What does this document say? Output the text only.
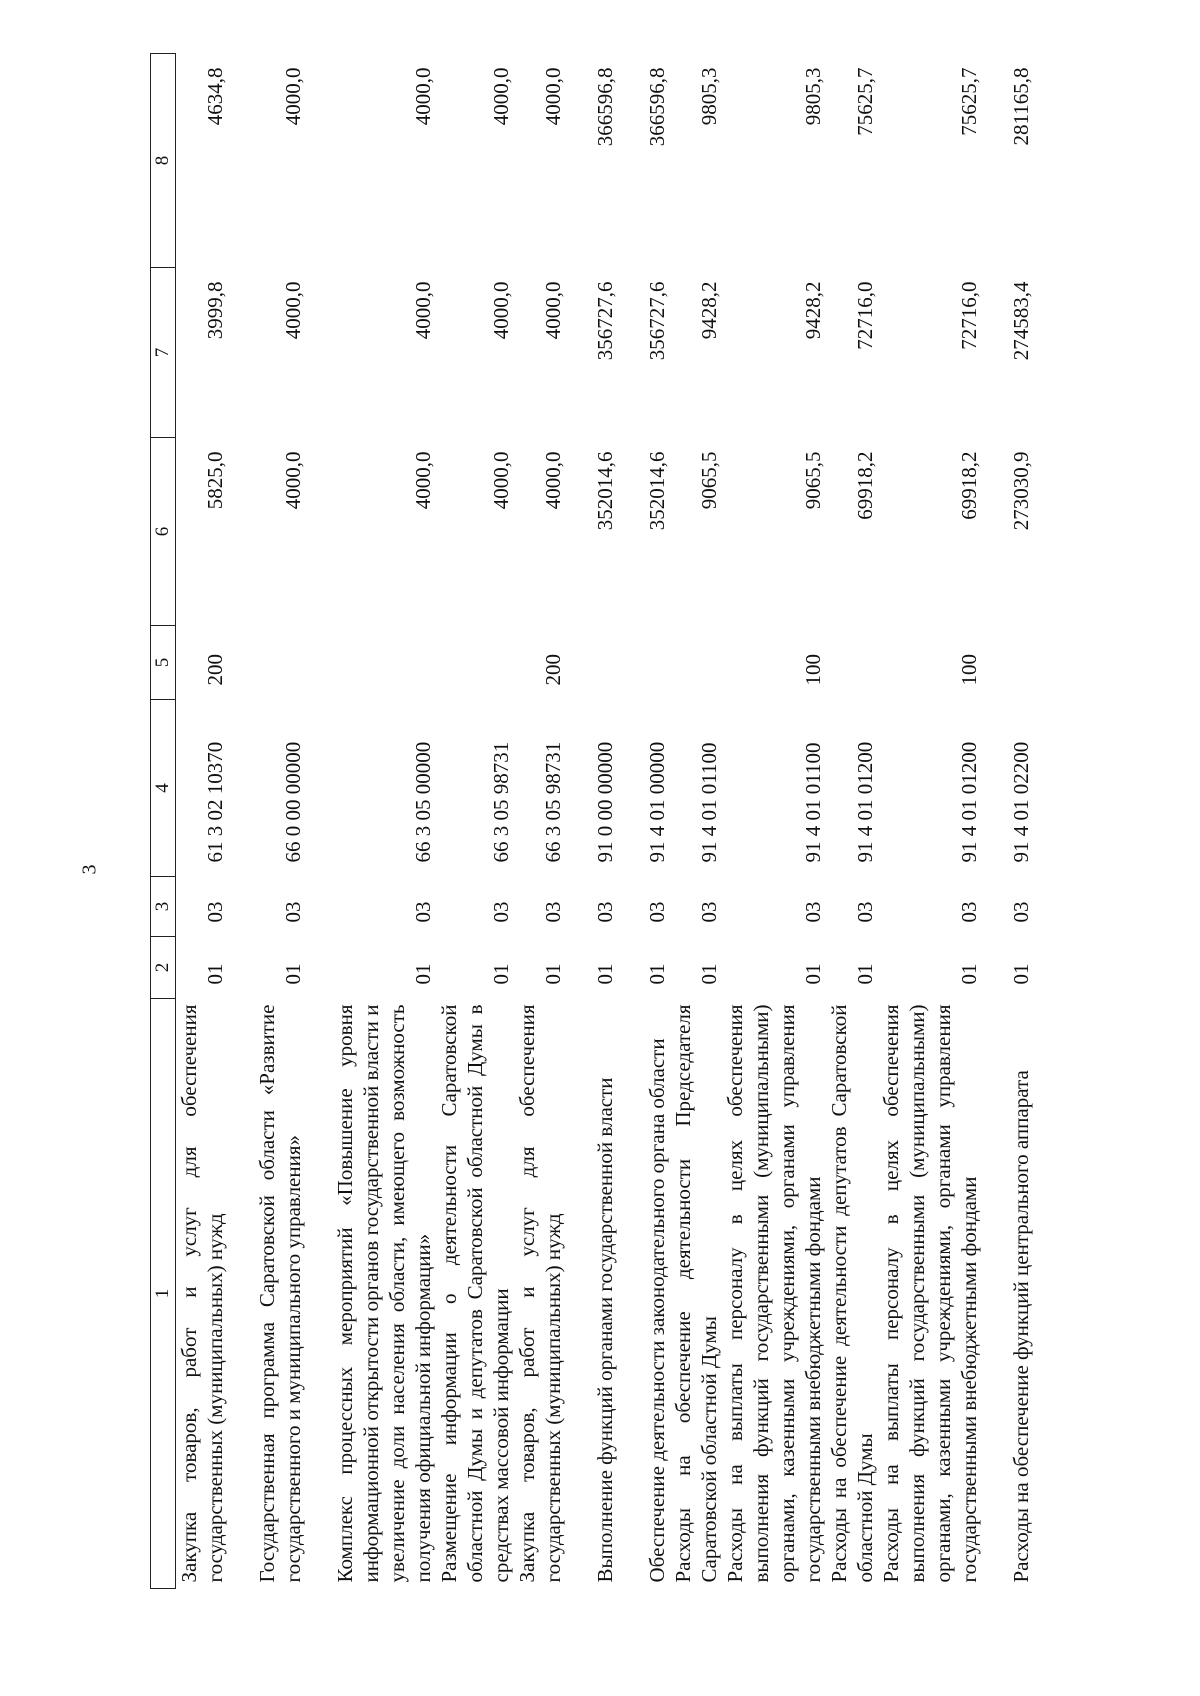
3
1	2	3	4	5	6	7	8
Закупка товаров, работ и услуг для обеспечения государственных (муниципальных) нужд	01	03	61 3 02 10370	200	5825,0	3999,8	4634,8
Государственная программа Саратовской области «Развитие государственного и муниципального управления»	01	03	66 0 00 00000		4000,0	4000,0	4000,0
Комплекс процессных мероприятий «Повышение уровня информационной открытости органов государственной власти и увеличение доли населения области, имеющего возможность получения официальной информации»	01	03	66 3 05 00000		4000,0	4000,0	4000,0
Размещение информации о деятельности Саратовской областной Думы и депутатов Саратовской областной Думы в средствах массовой информации	01	03	66 3 05 98731		4000,0	4000,0	4000,0
Закупка товаров, работ и услуг для обеспечения государственных (муниципальных) нужд	01	03	66 3 05 98731	200	4000,0	4000,0	4000,0
Выполнение функций органами государственной власти	01	03	91 0 00 00000		352014,6	356727,6	366596,8
Обеспечение деятельности законодательного органа области	01	03	91 4 01 00000		352014,6	356727,6	366596,8
Расходы на обеспечение деятельности Председателя Саратовской областной Думы	01	03	91 4 01 01100		9065,5	9428,2	9805,3
Расходы на выплаты персоналу в целях обеспечения выполнения функций государственными (муниципальными) органами, казенными учреждениями, органами управления государственными внебюджетными фондами	01	03	91 4 01 01100	100	9065,5	9428,2	9805,3
Расходы на обеспечение деятельности депутатов Саратовской областной Думы	01	03	91 4 01 01200		69918,2	72716,0	75625,7
Расходы на выплаты персоналу в целях обеспечения выполнения функций государственными (муниципальными) органами, казенными учреждениями, органами управления государственными внебюджетными фондами	01	03	91 4 01 01200	100	69918,2	72716,0	75625,7
Расходы на обеспечение функций центрального аппарата	01	03	91 4 01 02200		273030,9	274583,4	281165,8
